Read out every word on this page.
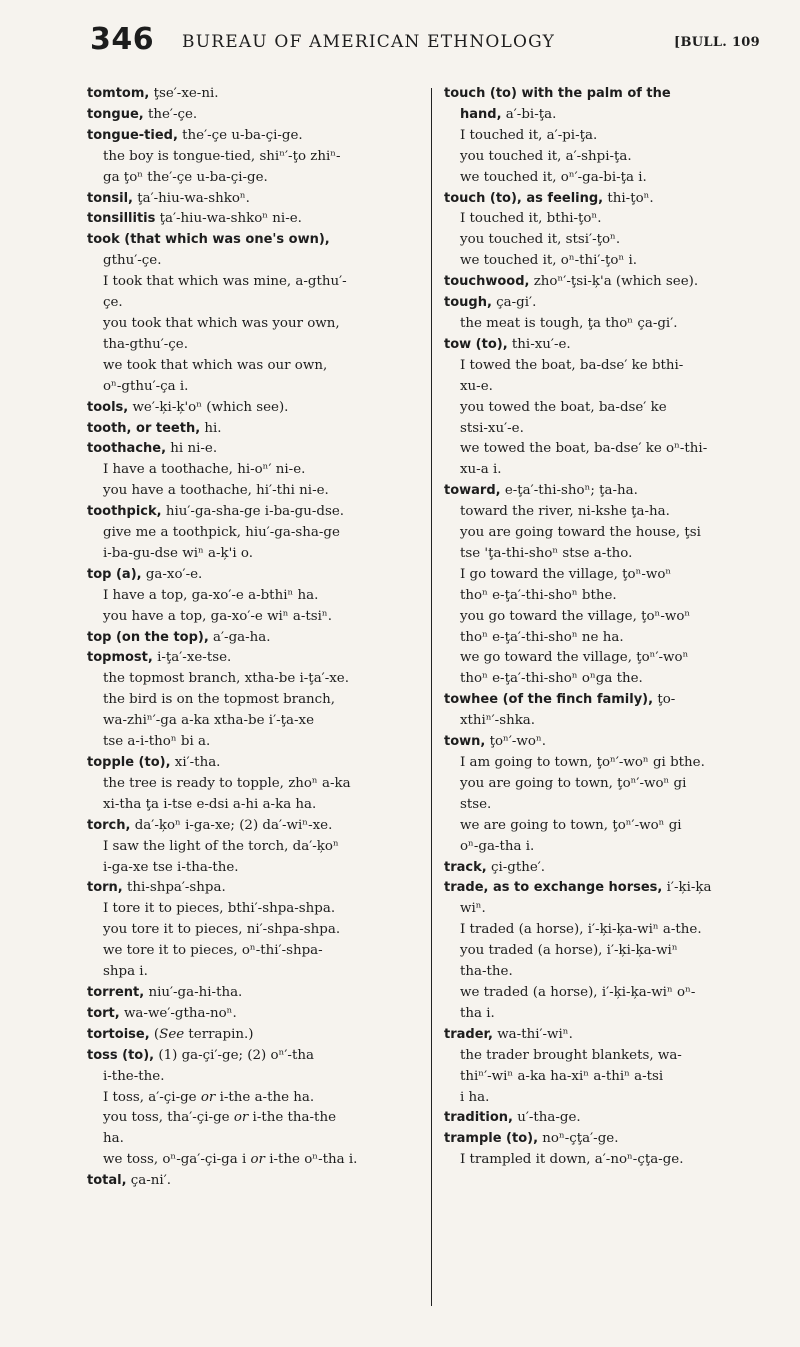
346 BUREAU OF AMERICAN ETHNOLOGY	[BULL. 109
tomtom, ţse′-xe-ni.
tongue, the′-çe.
tongue-tied, the′-çe u-ba-çi-ge.
the boy is tongue-tied, shiⁿ′-ţo zhiⁿ-
ga ţoⁿ the′-çe u-ba-çi-ge.
tonsil, ţa′-hiu-wa-shkoⁿ.
tonsillitis ţa′-hiu-wa-shkoⁿ ni-e.
took (that which was one's own),
gthu′-çe.
I took that which was mine, a-gthu′-
çe.
you took that which was your own,
tha-gthu′-çe.
we took that which was our own,
oⁿ-gthu′-ça i.
tools, we′-ķi-ķ'oⁿ (which see).
tooth, or teeth, hi.
toothache, hi ni-e.
I have a toothache, hi-oⁿ′ ni-e.
you have a toothache, hi′-thi ni-e.
toothpick, hiu′-ga-sha-ge i-ba-gu-dse.
give me a toothpick, hiu′-ga-sha-ge
i-ba-gu-dse wiⁿ a-ķ'i o.
top (a), ga-xo′-e.
I have a top, ga-xo′-e a-bthiⁿ ha.
you have a top, ga-xo′-e wiⁿ a-tsiⁿ.
top (on the top), a′-ga-ha.
topmost, i-ţa′-xe-tse.
the topmost branch, xtha-be i-ţa′-xe.
the bird is on the topmost branch,
wa-zhiⁿ′-ga a-ka xtha-be i′-ţa-xe
tse a-i-thoⁿ bi a.
topple (to), xi′-tha.
the tree is ready to topple, zhoⁿ a-ka
xi-tha ţa i-tse e-dsi a-hi a-ka ha.
torch, da′-ķoⁿ i-ga-xe; (2) da′-wiⁿ-xe.
I saw the light of the torch, da′-ķoⁿ
i-ga-xe tse i-tha-the.
torn, thi-shpa′-shpa.
I tore it to pieces, bthi′-shpa-shpa.
you tore it to pieces, ni′-shpa-shpa.
we tore it to pieces, oⁿ-thi′-shpa-
shpa i.
torrent, niu′-ga-hi-tha.
tort, wa-we′-gtha-noⁿ.
tortoise, (See terrapin.)
toss (to), (1) ga-çi′-ge; (2) oⁿ′-tha
i-the-the.
I toss, a′-çi-ge or i-the a-the ha.
you toss, tha′-çi-ge or i-the tha-the
ha.
we toss, oⁿ-ga′-çi-ga i or i-the oⁿ-tha i.
total, ça-ni′.
touch (to) with the palm of the
hand, a′-bi-ţa.
I touched it, a′-pi-ţa.
you touched it, a′-shpi-ţa.
we touched it, oⁿ′-ga-bi-ţa i.
touch (to), as feeling, thi-ţoⁿ.
I touched it, bthi-ţoⁿ.
you touched it, stsi′-ţoⁿ.
we touched it, oⁿ-thi′-ţoⁿ i.
touchwood, zhoⁿ′-ţsi-ķ'a (which see).
tough, ça-gi′.
the meat is tough, ţa thoⁿ ça-gi′.
tow (to), thi-xu′-e.
I towed the boat, ba-dse′ ke bthi-
xu-e.
you towed the boat, ba-dse′ ke
stsi-xu′-e.
we towed the boat, ba-dse′ ke oⁿ-thi-
xu-a i.
toward, e-ţa′-thi-shoⁿ; ţa-ha.
toward the river, ni-kshe ţa-ha.
you are going toward the house, ţsi
tse 'ţa-thi-shoⁿ stse a-tho.
I go toward the village, ţoⁿ-woⁿ
thoⁿ e-ţa′-thi-shoⁿ bthe.
you go toward the village, ţoⁿ-woⁿ
thoⁿ e-ţa′-thi-shoⁿ ne ha.
we go toward the village, ţoⁿ′-woⁿ
thoⁿ e-ţa′-thi-shoⁿ oⁿga the.
towhee (of the finch family), ţo-
xthiⁿ′-shka.
town, ţoⁿ′-woⁿ.
I am going to town, ţoⁿ′-woⁿ gi bthe.
you are going to town, ţoⁿ′-woⁿ gi
stse.
we are going to town, ţoⁿ′-woⁿ gi
oⁿ-ga-tha i.
track, çi-gthe′.
trade, as to exchange horses, i′-ķi-ķa
wiⁿ.
I traded (a horse), i′-ķi-ķa-wiⁿ a-the.
you traded (a horse), i′-ķi-ķa-wiⁿ
tha-the.
we traded (a horse), i′-ķi-ķa-wiⁿ oⁿ-
tha i.
trader, wa-thi′-wiⁿ.
the trader brought blankets, wa-
thiⁿ′-wiⁿ a-ka ha-xiⁿ a-thiⁿ a-tsi
i ha.
tradition, u′-tha-ge.
trample (to), noⁿ-çţa′-ge.
I trampled it down, a′-noⁿ-çţa-ge.
